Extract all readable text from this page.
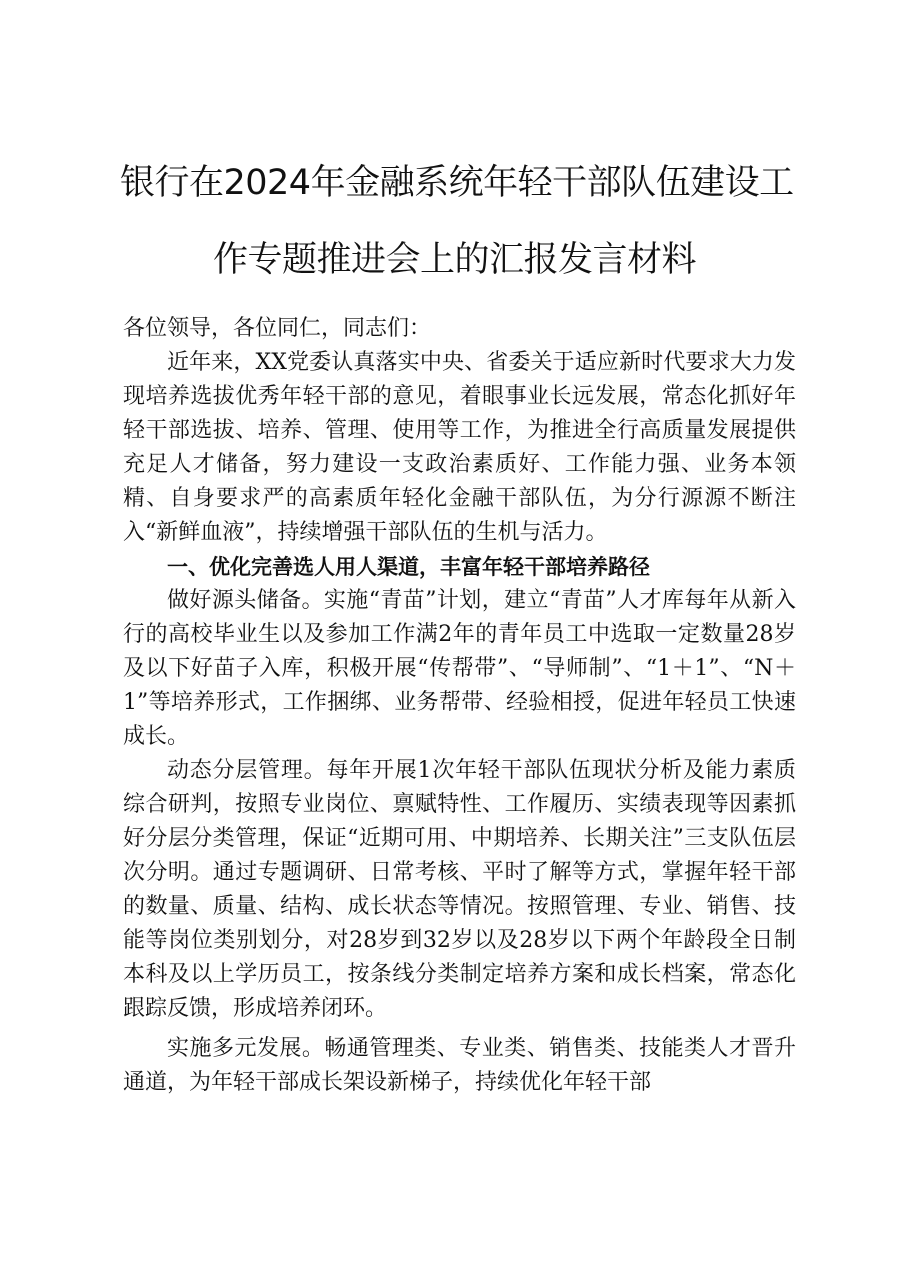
银行在2024年金融系统年轻干部队伍建设工
作专题推进会上的汇报发言材料

各位领导，各位同仁，同志们：

近年来，XX党委认真落实中央、省委关于适应新时代要求大力发现培养选拔优秀年轻干部的意见，着眼事业长远发展，常态化抓好年轻干部选拔、培养、管理、使用等工作，为推进全行高质量发展提供充足人才储备，努力建设一支政治素质好、工作能力强、业务本领精、自身要求严的高素质年轻化金融干部队伍，为分行源源不断注入“新鲜血液”，持续增强干部队伍的生机与活力。

一、优化完善选人用人渠道，丰富年轻干部培养路径

做好源头储备。实施“青苗”计划，建立“青苗”人才库每年从新入行的高校毕业生以及参加工作满2年的青年员工中选取一定数量28岁及以下好苗子入库，积极开展“传帮带”、“导师制”、“1＋1”、“N＋1”等培养形式，工作捆绑、业务帮带、经验相授，促进年轻员工快速成长。

动态分层管理。每年开展1次年轻干部队伍现状分析及能力素质综合研判，按照专业岗位、禀赋特性、工作履历、实绩表现等因素抓好分层分类管理，保证“近期可用、中期培养、长期关注”三支队伍层次分明。通过专题调研、日常考核、平时了解等方式，掌握年轻干部的数量、质量、结构、成长状态等情况。按照管理、专业、销售、技能等岗位类别划分，对28岁到32岁以及28岁以下两个年龄段全日制本科及以上学历员工，按条线分类制定培养方案和成长档案，常态化跟踪反馈，形成培养闭环。

实施多元发展。畅通管理类、专业类、销售类、技能类人才晋升通道，为年轻干部成长架设新梯子，持续优化年轻干部
